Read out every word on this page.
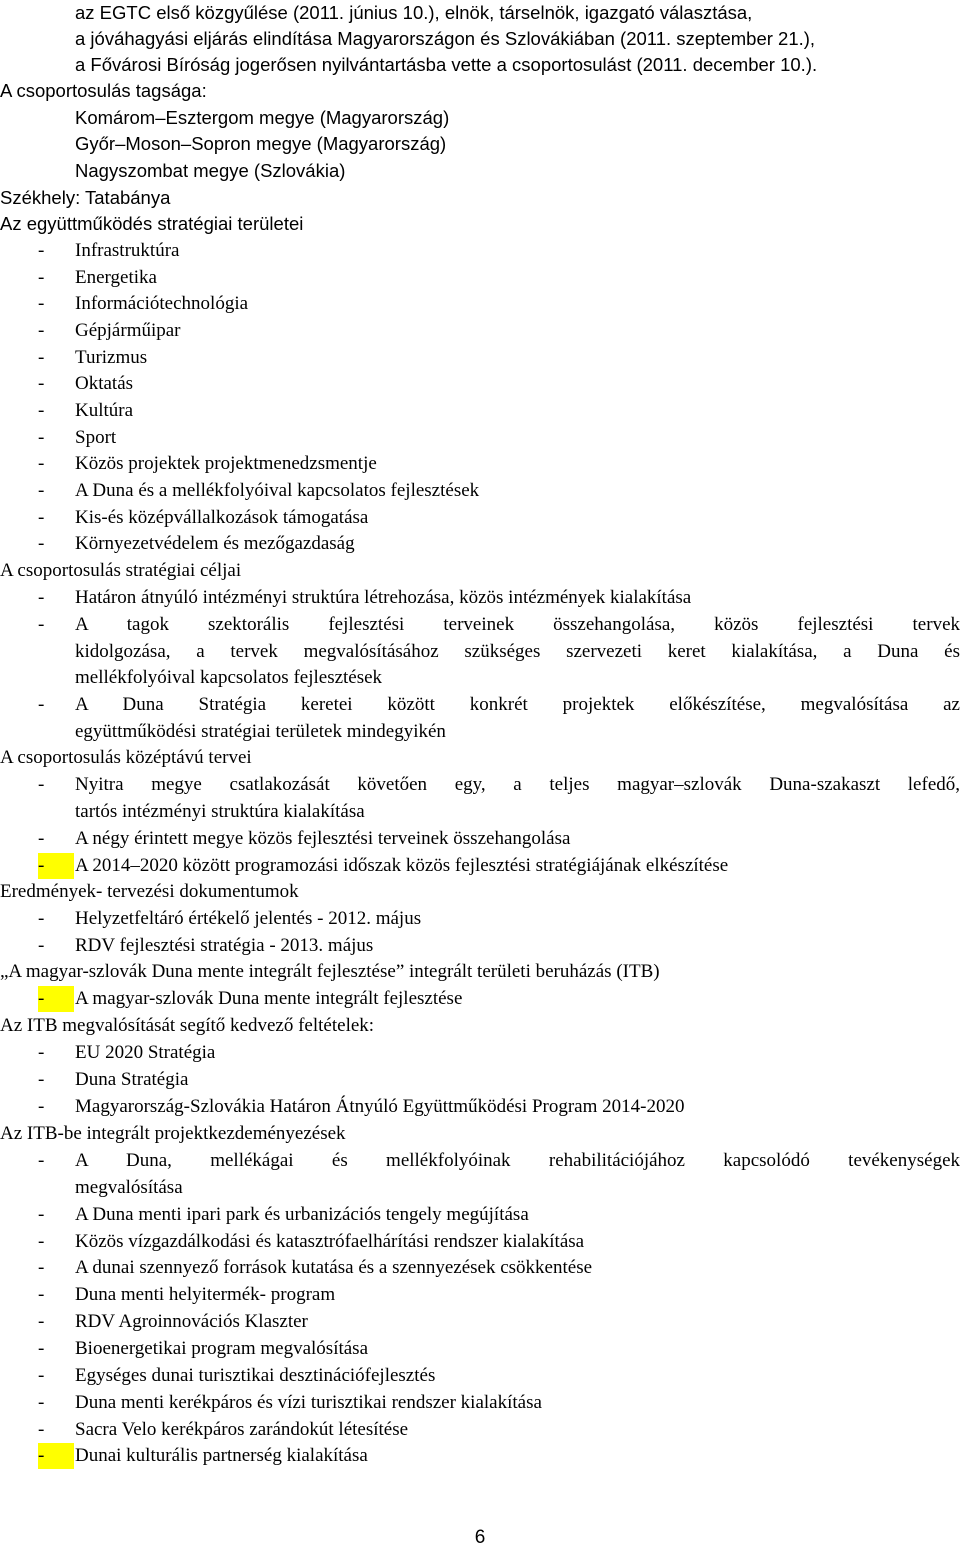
az EGTC első közgyűlése (2011. június 10.), elnök, társelnök, igazgató választása,
a jóváhagyási eljárás elindítása Magyarországon és Szlovákiában (2011. szeptember 21.),
a Fővárosi Bíróság jogerősen nyilvántartásba vette a csoportosulást (2011. december 10.).
A csoportosulás tagsága:
Komárom–Esztergom megye (Magyarország)
Győr–Moson–Sopron megye (Magyarország)
Nagyszombat megye (Szlovákia)
Székhely: Tatabánya
Az együttműködés stratégiai területei
-	Infrastruktúra
-	Energetika
-	Információtechnológia
-	Gépjárműipar
-	Turizmus
-	Oktatás
-	Kultúra
-	Sport
-	Közös projektek projektmenedzsmentje
-	A Duna és a mellékfolyóival kapcsolatos fejlesztések
-	Kis-és középvállalkozások támogatása
-	Környezetvédelem és mezőgazdaság
A csoportosulás stratégiai céljai
-	Határon átnyúló intézményi struktúra létrehozása, közös intézmények kialakítása
-	A tagok szektorális fejlesztési terveinek összehangolása, közös fejlesztési tervek
kidolgozása, a tervek megvalósításához szükséges szervezeti keret kialakítása, a Duna és
mellékfolyóival kapcsolatos fejlesztések
-	A Duna Stratégia keretei között konkrét projektek előkészítése, megvalósítása az
együttműködési stratégiai területek mindegyikén
A csoportosulás középtávú tervei
-	Nyitra megye csatlakozását követően egy, a teljes magyar–szlovák Duna-szakaszt lefedő,
tartós intézményi struktúra kialakítása
-	A négy érintett megye közös fejlesztési terveinek összehangolása
-	A 2014–2020 között programozási időszak közös fejlesztési stratégiájának elkészítése
Eredmények- tervezési dokumentumok
-	Helyzetfeltáró értékelő jelentés - 2012. május
-	RDV fejlesztési stratégia - 2013. május
„A magyar-szlovák Duna mente integrált fejlesztése” integrált területi beruházás (ITB)
-	A magyar-szlovák Duna mente integrált fejlesztése
Az ITB megvalósítását segítő kedvező feltételek:
-	EU 2020 Stratégia
-	Duna Stratégia
-	Magyarország-Szlovákia Határon Átnyúló Együttműködési Program 2014-2020
Az ITB-be integrált projektkezdeményezések
-	A Duna, mellékágai és mellékfolyóinak rehabilitációjához kapcsolódó tevékenységek
megvalósítása
-	A Duna menti ipari park és urbanizációs tengely megújítása
-	Közös vízgazdálkodási és katasztrófaelhárítási rendszer kialakítása
-	A dunai szennyező források kutatása és a szennyezések csökkentése
-	Duna menti helyitermék- program
-	RDV Agroinnovációs Klaszter
-	Bioenergetikai program megvalósítása
-	Egységes dunai turisztikai desztinációfejlesztés
-	Duna menti kerékpáros és vízi turisztikai rendszer kialakítása
-	Sacra Velo kerékpáros zarándokút létesítése
-	Dunai kulturális partnerség kialakítása
6
